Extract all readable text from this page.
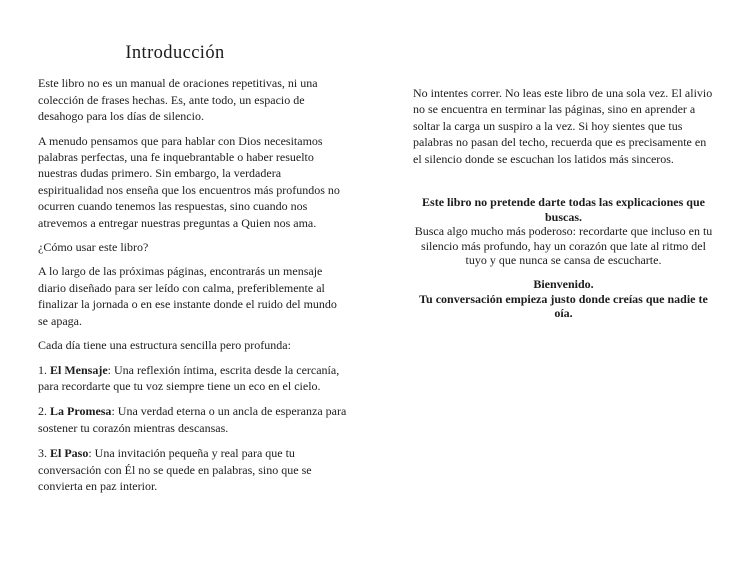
Introducción

Este libro no es un manual de oraciones repetitivas, ni una colección de frases hechas. Es, ante todo, un espacio de desahogo para los días de silencio.

A menudo pensamos que para hablar con Dios necesitamos palabras perfectas, una fe inquebrantable o haber resuelto nuestras dudas primero. Sin embargo, la verdadera espiritualidad nos enseña que los encuentros más profundos no ocurren cuando tenemos las respuestas, sino cuando nos atrevemos a entregar nuestras preguntas a Quien nos ama.

¿Cómo usar este libro?

A lo largo de las próximas páginas, encontrarás un mensaje diario diseñado para ser leído con calma, preferiblemente al finalizar la jornada o en ese instante donde el ruido del mundo se apaga.

Cada día tiene una estructura sencilla pero profunda:

1. El Mensaje: Una reflexión íntima, escrita desde la cercanía, para recordarte que tu voz siempre tiene un eco en el cielo.

2. La Promesa: Una verdad eterna o un ancla de esperanza para sostener tu corazón mientras descansas.

3. El Paso: Una invitación pequeña y real para que tu conversación con Él no se quede en palabras, sino que se convierta en paz interior.

No intentes correr. No leas este libro de una sola vez. El alivio no se encuentra en terminar las páginas, sino en aprender a soltar la carga un suspiro a la vez. Si hoy sientes que tus palabras no pasan del techo, recuerda que es precisamente en el silencio donde se escuchan los latidos más sinceros.

Este libro no pretende darte todas las explicaciones que buscas.

Busca algo mucho más poderoso: recordarte que incluso en tu silencio más profundo, hay un corazón que late al ritmo del tuyo y que nunca se cansa de escucharte.

Bienvenido.

Tu conversación empieza justo donde creías que nadie te oía.
